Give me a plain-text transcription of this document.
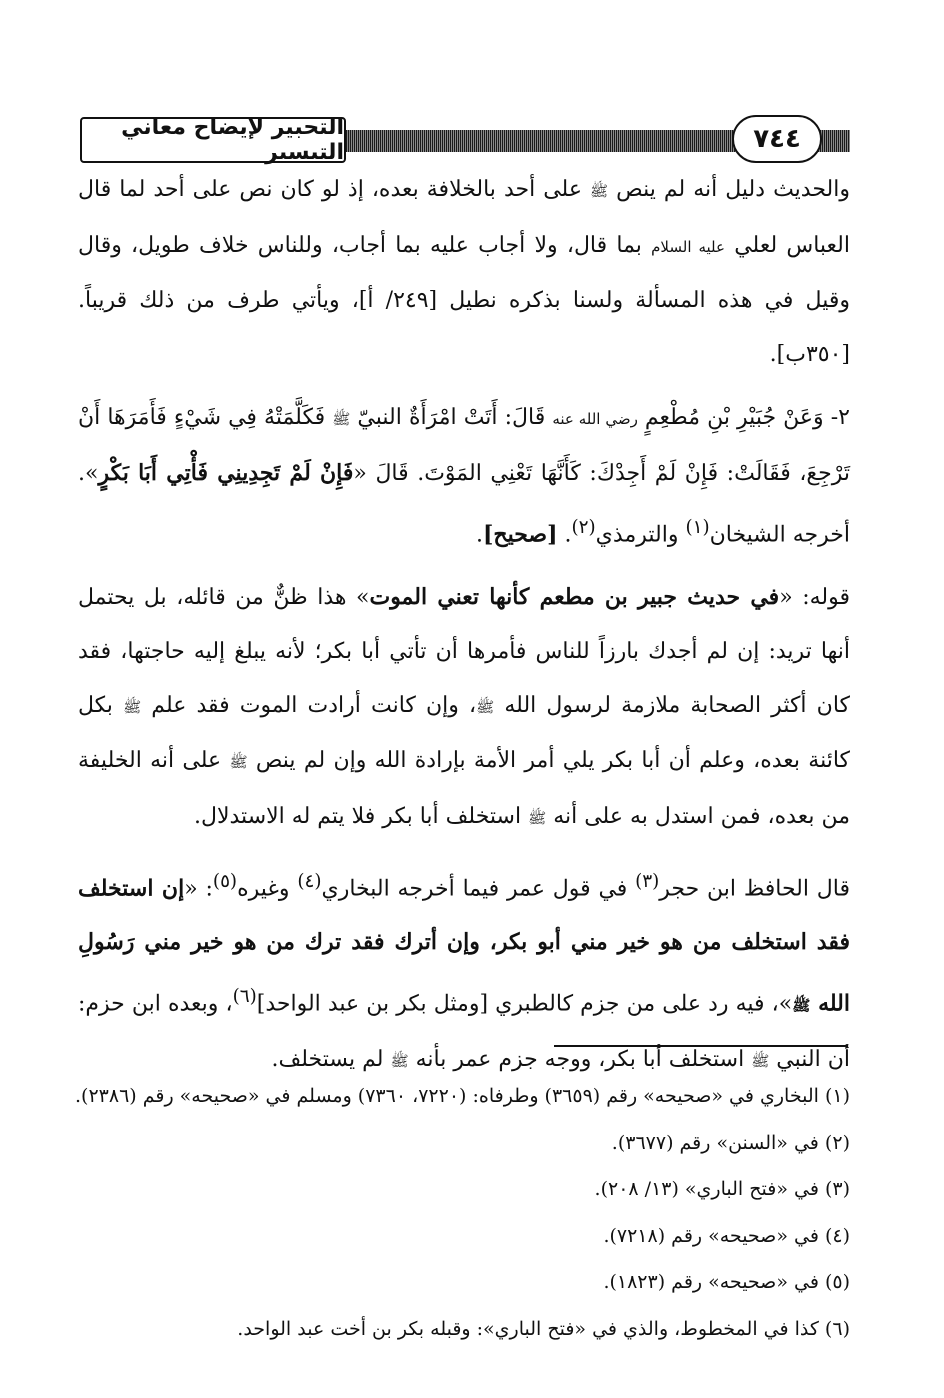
التحبير لإيضاح معاني التيسير	٧٤٤

والحديث دليل أنه لم ينص ﷺ على أحد بالخلافة بعده، إذ لو كان نص على أحد لما قال العباس لعلي عليه السلام بما قال، ولا أجاب عليه بما أجاب، وللناس خلاف طويل، وقال وقيل في هذه المسألة ولسنا بذكره نطيل [٢٤٩/ أ]، ويأتي طرف من ذلك قريباً. [٣٥٠ب].

٢- وَعَنْ جُبَيْرِ بْنِ مُطْعِمٍ رضي الله عنه قَالَ: أَتَتْ امْرَأَةٌ النبيّ ﷺ فَكَلَّمَتْهُ فِي شَيْءٍ فَأَمَرَهَا أَنْ تَرْجِعَ، فَقَالَتْ: فَإِنْ لَمْ أَجِدْكَ: كَأَنَّهَا تَعْنِي المَوْتَ. قَالَ «فَإِنْ لَمْ تَجِدِينِي فَأْتِي أَبَا بَكْرٍ». أخرجه الشيخان$^{(١)}$ والترمذي$^{(٢)}$. [صحيح].

قوله: «في حديث جبير بن مطعم كأنها تعني الموت» هذا ظنٌّ من قائله، بل يحتمل أنها تريد: إن لم أجدك بارزاً للناس فأمرها أن تأتي أبا بكر؛ لأنه يبلغ إليه حاجتها، فقد كان أكثر الصحابة ملازمة لرسول الله ﷺ، وإن كانت أرادت الموت فقد علم ﷺ بكل كائنة بعده، وعلم أن أبا بكر يلي أمر الأمة بإرادة الله وإن لم ينص ﷺ على أنه الخليفة من بعده، فمن استدل به على أنه ﷺ استخلف أبا بكر فلا يتم له الاستدلال.

قال الحافظ ابن حجر$^{(٣)}$ في قول عمر فيما أخرجه البخاري$^{(٤)}$ وغيره$^{(٥)}$: «إن استخلف فقد استخلف من هو خير مني أبو بكر، وإن أترك فقد ترك من هو خير مني رَسُولِ الله ﷺ»، فيه رد على من جزم كالطبري [ومثل بكر بن عبد الواحد]$^{(٦)}$، وبعده ابن حزم: أن النبي ﷺ استخلف أبا بكر، ووجه جزم عمر بأنه ﷺ لم يستخلف.

(١) البخاري في «صحيحه» رقم (٣٦٥٩) وطرفاه: (٧٢٢٠، ٧٣٦٠) ومسلم في «صحيحه» رقم (٢٣٨٦).

(٢) في «السنن» رقم (٣٦٧٧).

(٣) في «فتح الباري» (١٣/ ٢٠٨).

(٤) في «صحيحه» رقم (٧٢١٨).

(٥) في «صحيحه» رقم (١٨٢٣).

(٦) كذا في المخطوط، والذي في «فتح الباري»: وقبله بكر بن أخت عبد الواحد.
